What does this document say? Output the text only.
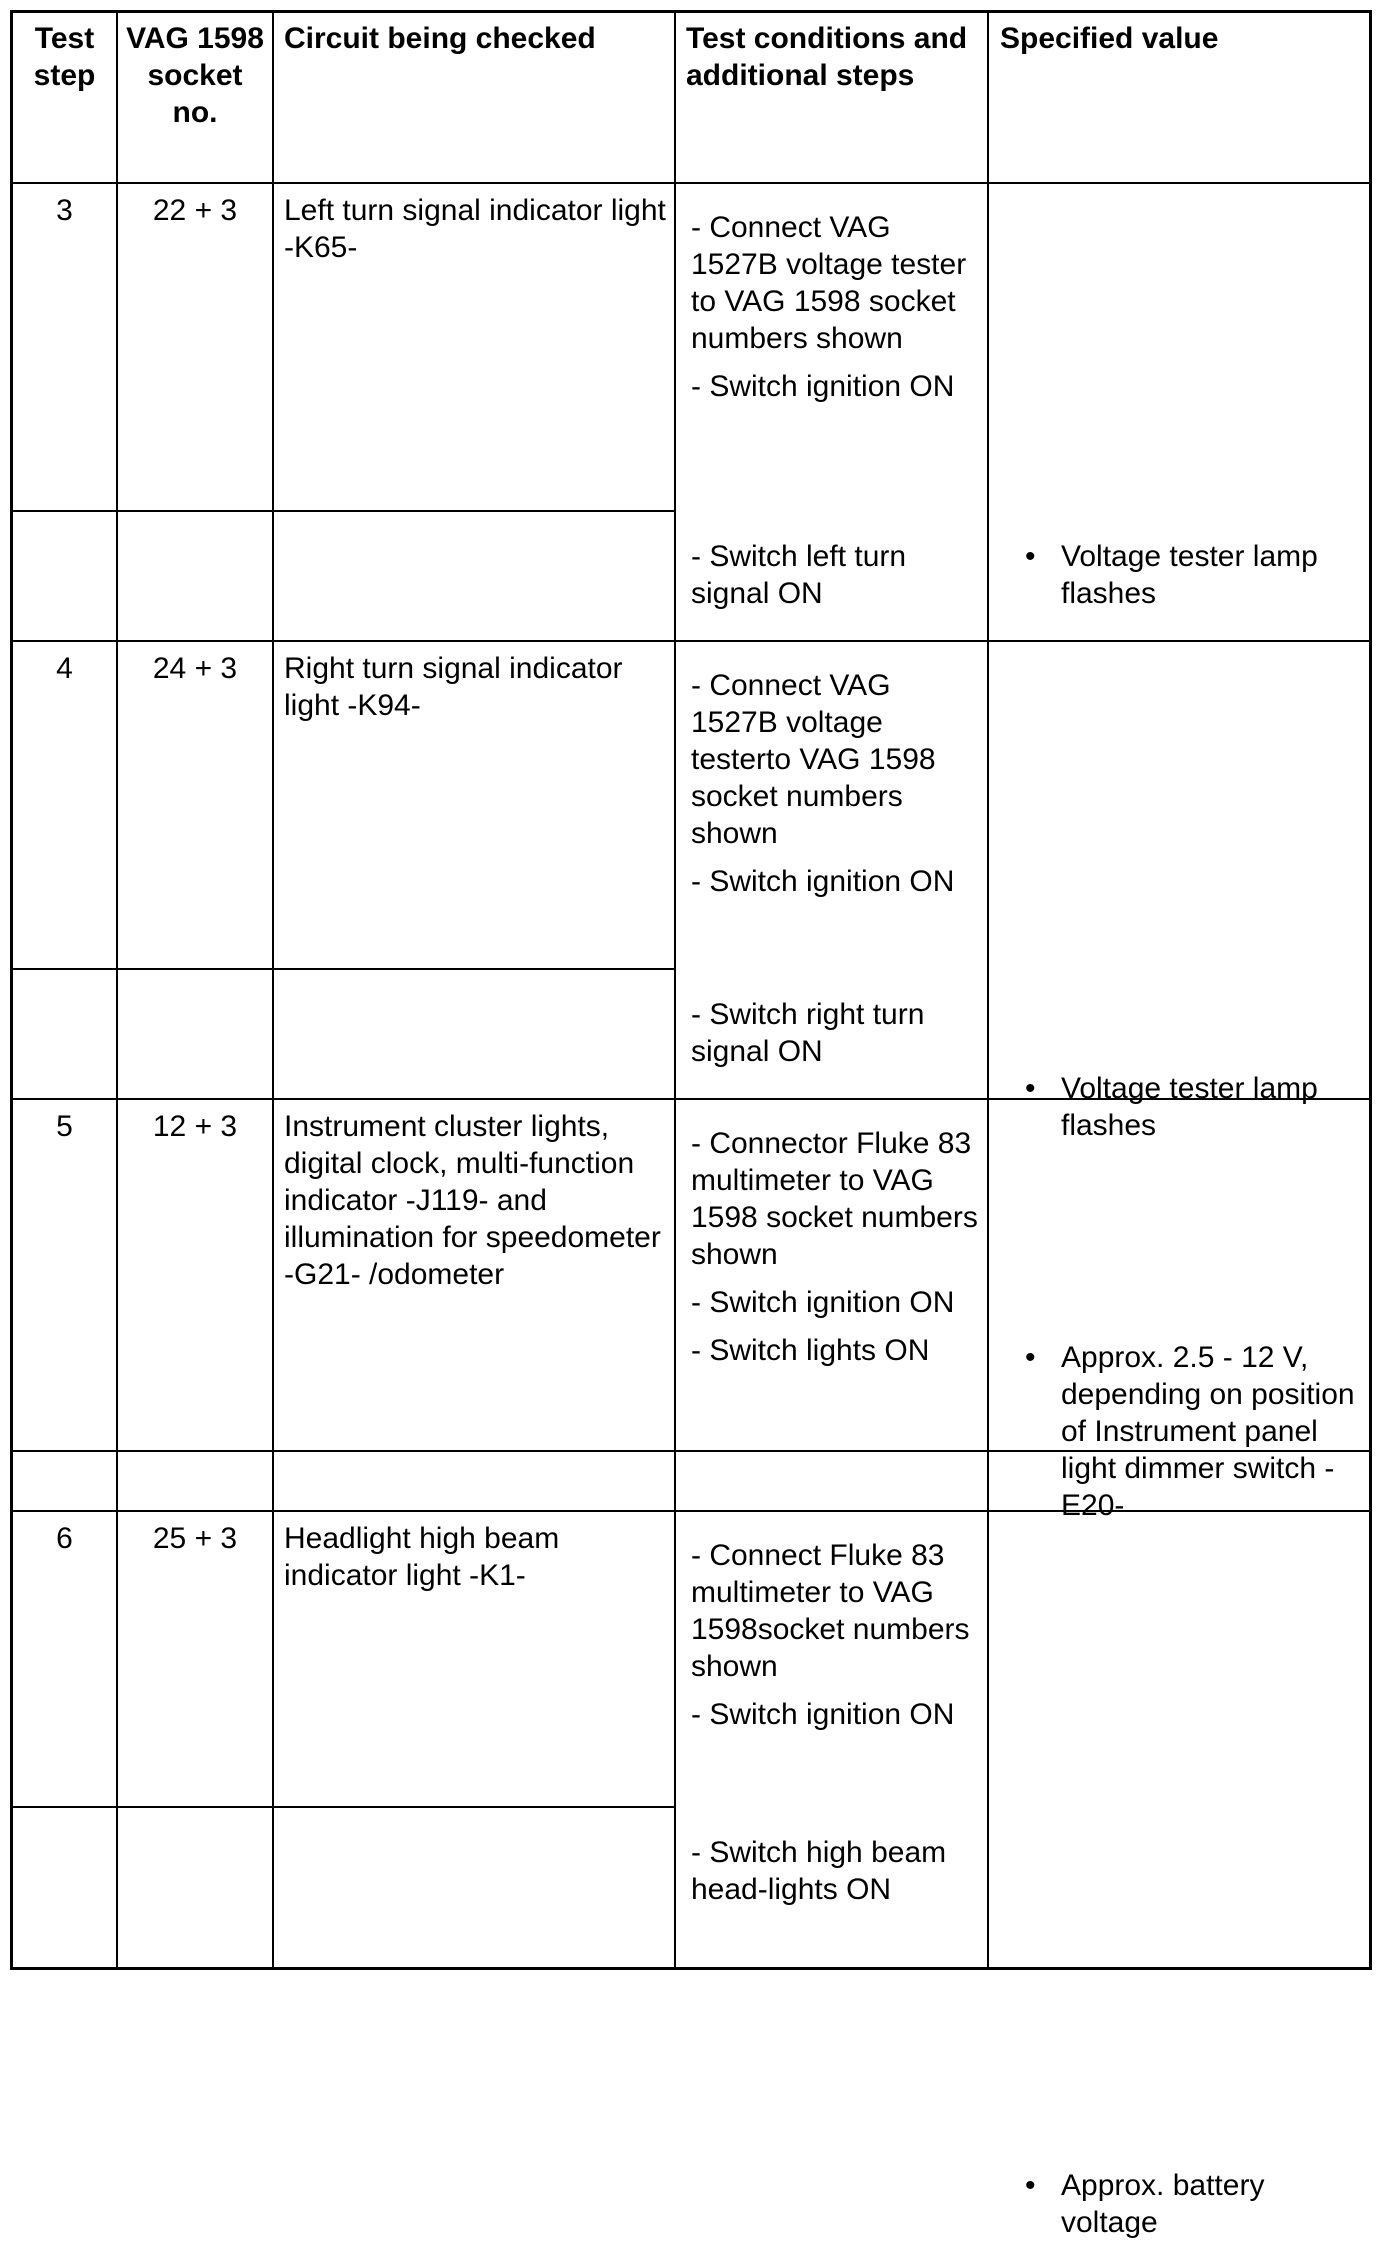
Test step
VAG 1598 socket no.
Circuit being checked	Test conditions and additional steps
Specified value
3	22 + 3	Left turn signal indicator light -K65-
- Connect VAG 1527B voltage tester to VAG 1598 socket numbers shown
- Switch ignition ON
- Switch left turn signal ON
• Voltage tester lamp flashes
4	24 + 3	Right turn signal indicator light -K94-
- Connect VAG 1527B voltage testerto VAG 1598 socket numbers shown
- Switch ignition ON
- Switch right turn signal ON
• Voltage tester lamp flashes
5	12 + 3	Instrument cluster lights, digital clock, multi-function indicator -J119- and illumination for speedometer -G21- /odometer
- Connector Fluke 83 multimeter to VAG 1598 socket numbers shown
- Switch ignition ON
- Switch lights ON
•	Approx. 2.5 - 12 V, depending on position of Instrument panel light dimmer switch -E20-
6	25 + 3	Headlight high beam indicator light -K1-
- Connect Fluke 83 multimeter to VAG 1598socket numbers shown
- Switch ignition ON
- Switch high beam head-lights ON
• Approx. battery voltage
